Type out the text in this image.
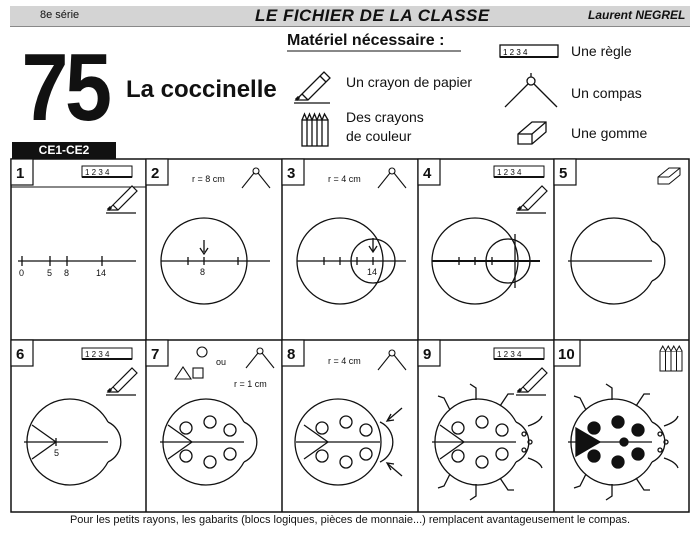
8e série	LE FICHIER DE LA CLASSE	Laurent NEGREL
75
CE1-CE2
La coccinelle
Matériel nécessaire :
1 2 3 4
Un crayon de papier
Des crayons
de couleur
Une règle
Un compas
Une gomme
1	2	3	4	5
6	7	8	9	10
1 2 3 4
0	5 8	14
r = 8 cm
8
r = 4 cm
14
1 2 3 4
1 2 3 4
5
ou
r = 1 cm
r = 4 cm
1 2 3 4
Pour les petits rayons, les gabarits (blocs logiques, pièces de monnaie...) remplacent avantageusement le compas.
